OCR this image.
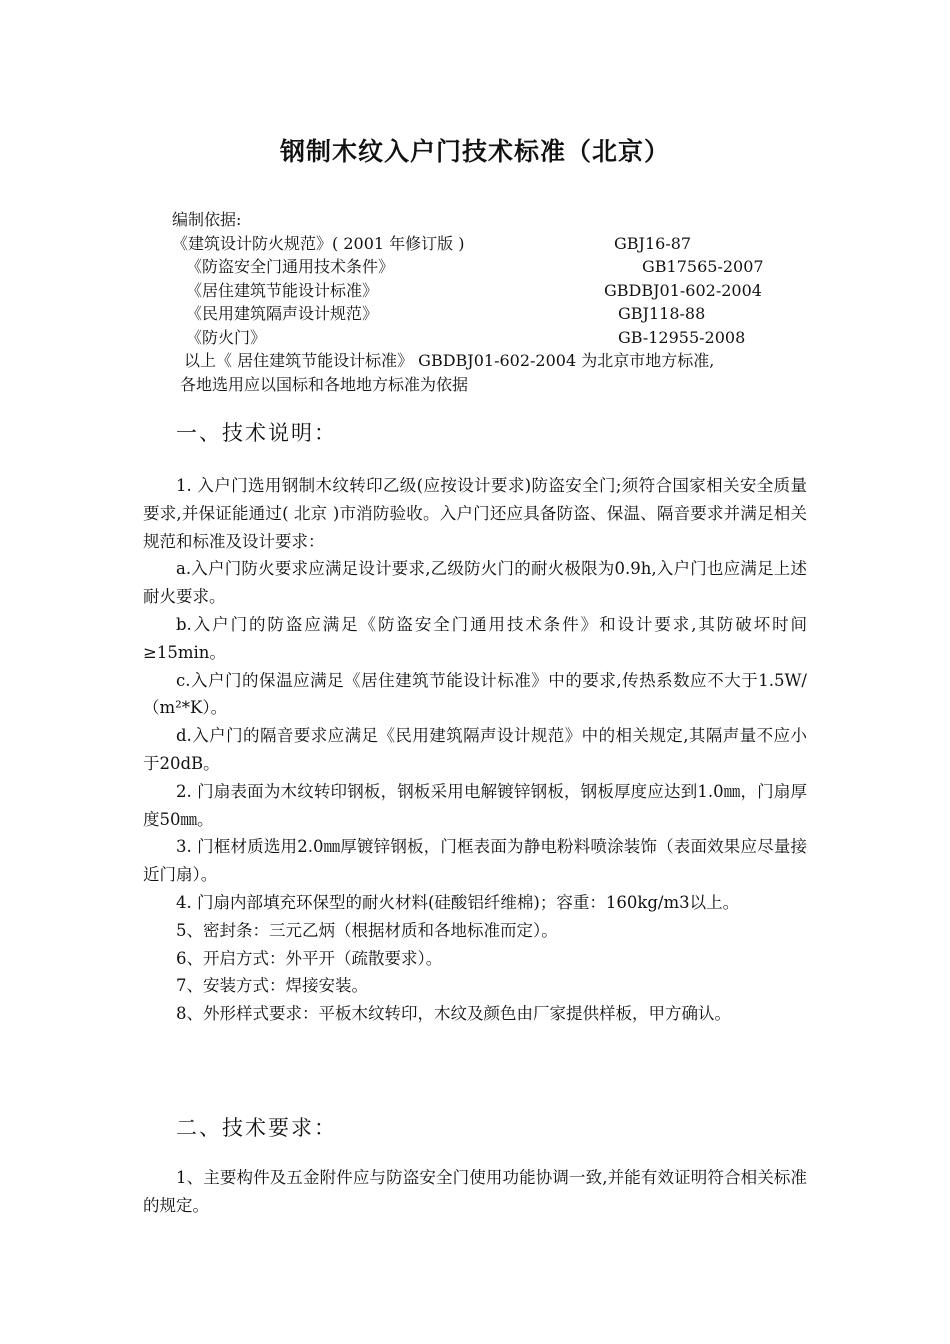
钢制木纹入户门技术标准（北京）
编制依据:
《建筑设计防火规范》( 2001 年修订版 )	GBJ16-87
《防盗安全门通用技术条件》	GB17565-2007
《居住建筑节能设计标准》	GBDBJ01-602-2004
《民用建筑隔声设计规范》	GBJ118-88
《防火门》	GB-12955-2008
以上《 居住建筑节能设计标准》 GBDBJ01-602-2004 为北京市地方标准,
各地选用应以国标和各地地方标准为依据
一、技术说明：

1. 入户门选用钢制木纹转印乙级(应按设计要求)防盗安全门;须符合国家相关安全质量要求,并保证能通过( 北京 )市消防验收。入户门还应具备防盗、保温、隔音要求并满足相关规范和标准及设计要求：

a.入户门防火要求应满足设计要求,乙级防火门的耐火极限为0.9h,入户门也应满足上述耐火要求。

b.入户门的防盗应满足《防盗安全门通用技术条件》和设计要求,其防破坏时间≥15min。

c.入户门的保温应满足《居住建筑节能设计标准》中的要求,传热系数应不大于1.5W/（m²*K）。

d.入户门的隔音要求应满足《民用建筑隔声设计规范》中的相关规定,其隔声量不应小于20dB。

2. 门扇表面为木纹转印钢板，钢板采用电解镀锌钢板，钢板厚度应达到1.0㎜，门扇厚度50㎜。

3. 门框材质选用2.0㎜厚镀锌钢板，门框表面为静电粉料喷涂装饰（表面效果应尽量接近门扇）。

4. 门扇内部填充环保型的耐火材料(硅酸铝纤维棉)；容重：160kg/m3以上。

5、密封条：三元乙炳（根据材质和各地标准而定）。

6、开启方式：外平开（疏散要求）。

7、安装方式：焊接安装。

8、外形样式要求：平板木纹转印，木纹及颜色由厂家提供样板，甲方确认。

二、技术要求：

1、主要构件及五金附件应与防盗安全门使用功能协调一致,并能有效证明符合相关标准的规定。
